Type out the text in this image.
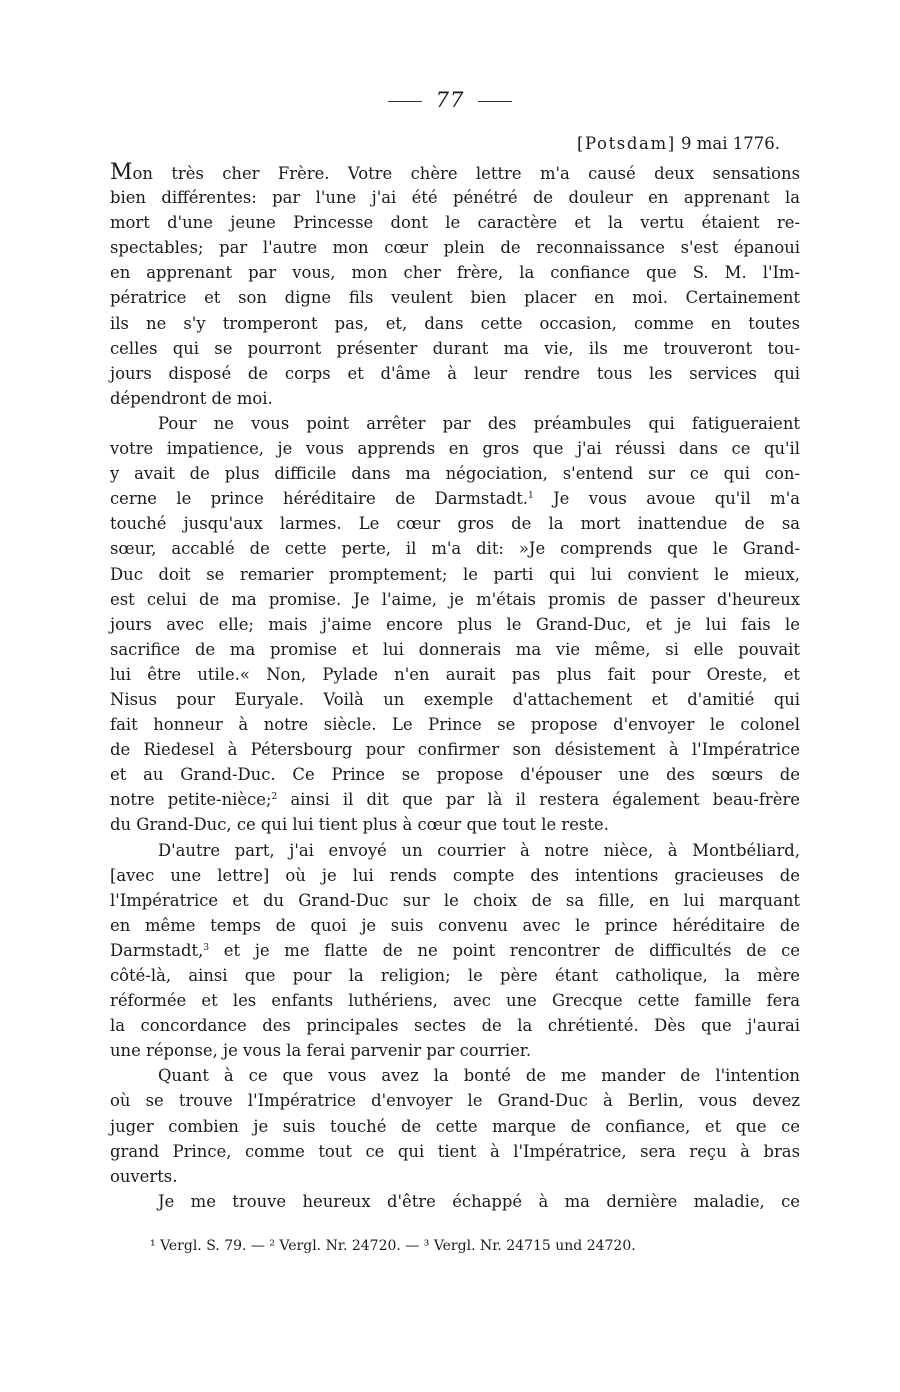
77
[Potsdam] 9 mai 1776.
Mon très cher Frère. Votre chère lettre m'a causé deux sensations
bien différentes: par l'une j'ai été pénétré de douleur en apprenant la
mort d'une jeune Princesse dont le caractère et la vertu étaient re-
spectables; par l'autre mon cœur plein de reconnaissance s'est épanoui
en apprenant par vous, mon cher frère, la confiance que S. M. l'Im-
pératrice et son digne fils veulent bien placer en moi. Certainement
ils ne s'y tromperont pas, et, dans cette occasion, comme en toutes
celles qui se pourront présenter durant ma vie, ils me trouveront tou-
jours disposé de corps et d'âme à leur rendre tous les services qui
dépendront de moi.
Pour ne vous point arrêter par des préambules qui fatigueraient
votre impatience, je vous apprends en gros que j'ai réussi dans ce qu'il
y avait de plus difficile dans ma négociation, s'entend sur ce qui con-
cerne le prince héréditaire de Darmstadt.$^1$ Je vous avoue qu'il m'a
touché jusqu'aux larmes. Le cœur gros de la mort inattendue de sa
sœur, accablé de cette perte, il m'a dit: »Je comprends que le Grand-
Duc doit se remarier promptement; le parti qui lui convient le mieux,
est celui de ma promise. Je l'aime, je m'étais promis de passer d'heureux
jours avec elle; mais j'aime encore plus le Grand-Duc, et je lui fais le
sacrifice de ma promise et lui donnerais ma vie même, si elle pouvait
lui être utile.« Non, Pylade n'en aurait pas plus fait pour Oreste, et
Nisus pour Euryale. Voilà un exemple d'attachement et d'amitié qui
fait honneur à notre siècle. Le Prince se propose d'envoyer le colonel
de Riedesel à Pétersbourg pour confirmer son désistement à l'Impératrice
et au Grand-Duc. Ce Prince se propose d'épouser une des sœurs de
notre petite-nièce;$^2$ ainsi il dit que par là il restera également beau-frère
du Grand-Duc, ce qui lui tient plus à cœur que tout le reste.
D'autre part, j'ai envoyé un courrier à notre nièce, à Montbéliard,
[avec une lettre] où je lui rends compte des intentions gracieuses de
l'Impératrice et du Grand-Duc sur le choix de sa fille, en lui marquant
en même temps de quoi je suis convenu avec le prince héréditaire de
Darmstadt,$^3$ et je me flatte de ne point rencontrer de difficultés de ce
côté-là, ainsi que pour la religion; le père étant catholique, la mère
réformée et les enfants luthériens, avec une Grecque cette famille fera
la concordance des principales sectes de la chrétienté. Dès que j'aurai
une réponse, je vous la ferai parvenir par courrier.
Quant à ce que vous avez la bonté de me mander de l'intention
où se trouve l'Impératrice d'envoyer le Grand-Duc à Berlin, vous devez
juger combien je suis touché de cette marque de confiance, et que ce
grand Prince, comme tout ce qui tient à l'Impératrice, sera reçu à bras
ouverts.
Je me trouve heureux d'être échappé à ma dernière maladie, ce
¹ Vergl. S. 79. — ² Vergl. Nr. 24720. — ³ Vergl. Nr. 24715 und 24720.
